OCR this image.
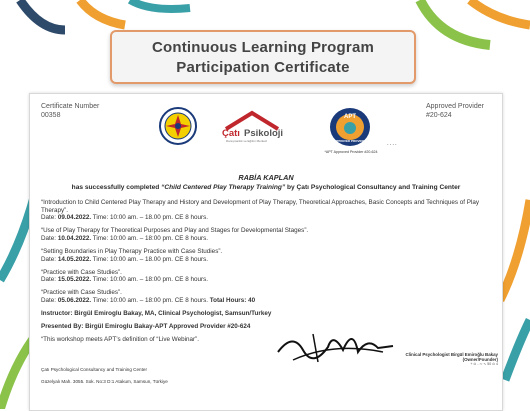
Continuous Learning Program
Participation Certificate
Certificate Number
00358
Approved Provider
#20-624
Çatı Psikoloji
Danışmanlık ve Eğitim Merkezi
APT
APPROVED PROVIDER
*APT Approved Provider #20-624
....
RABİA KAPLAN
has successfully completed “Child Centered Play Therapy Training” by Çatı Psychological Consultancy and Training Center

“Introduction to Child Centered Play Therapy and History and Development of Play Therapy, Theoretical Approaches, Basic Concepts and Techniques of Play Therapy”.
Date: 09.04.2022. Time: 10:00 am. – 18.00 pm. CE 8 hours.

“Use of Play Therapy for Theoretical Purposes and Play and Stages for Developmental Stages”.
Date: 10.04.2022. Time: 10:00 am. – 18:00 pm. CE 8 hours.

“Setting Boundaries in Play Therapy Practice with Case Studies”.
Date: 14.05.2022. Time: 10:00 am. – 18.00 pm. CE 8 hours.

“Practice with Case Studies”.
Date: 15.05.2022. Time: 10:00 am. – 18:00 pm. CE 8 hours.

“Practice with Case Studies”.
Date: 05.06.2022. Time: 10:00 am. – 18:00 pm. CE 8 hours. Total Hours: 40

Instructor: Birgül Emiroglu Bakay, MA, Clinical Psychologist, Samsun/Turkey

Presented By: Birgül Emiroglu Bakay-APT Approved Provider #20-624

“This workshop meets APT’s definition of “Live Webinar”.

Clinical Psychologist Birgül Emiroğlu Bakay
(Owner/Founder)
+ ⊙ - ∾ ∿ 50 ⊙ 4
Çatı Psychological Consultancy and Training Center
Güzelyalı Mah. 3055. Sok. No:3 D:1 Atakum, Samsun, Türkiye
